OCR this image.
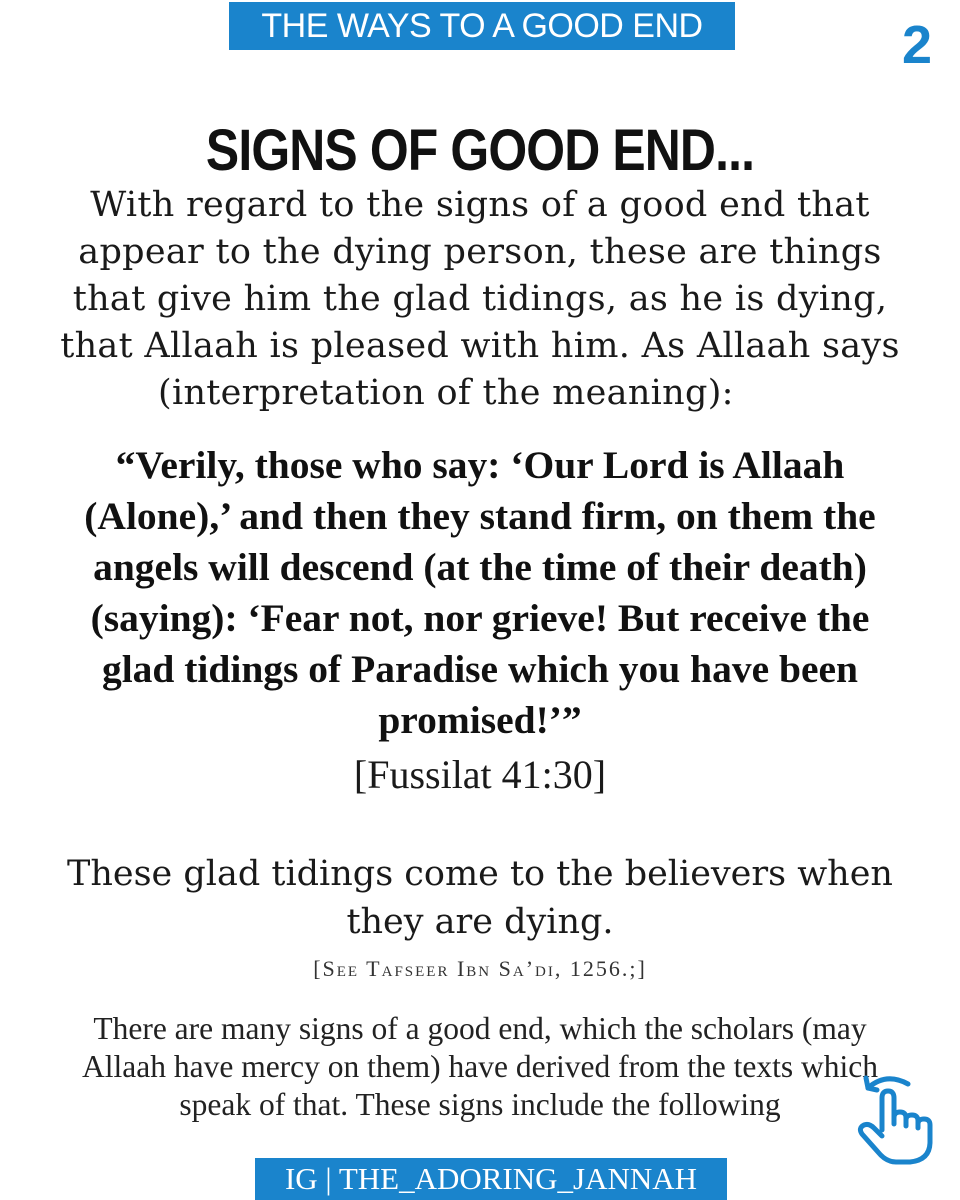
THE WAYS TO A GOOD END	2
SIGNS OF GOOD END...
With regard to the signs of a good end that
appear to the dying person, these are things
that give him the glad tidings, as he is dying,
that Allaah is pleased with him. As Allaah says
(interpretation of the meaning):
“Verily, those who say: ‘Our Lord is Allaah
(Alone),’ and then they stand firm, on them the
angels will descend (at the time of their death)
(saying): ‘Fear not, nor grieve! But receive the
glad tidings of Paradise which you have been
promised!’”
[Fussilat 41:30]
These glad tidings come to the believers when
they are dying.
[See Tafseer Ibn Sa’di, 1256.;]
There are many signs of a good end, which the scholars (may
Allaah have mercy on them) have derived from the texts which
speak of that. These signs include the following
IG | THE_ADORING_JANNAH
